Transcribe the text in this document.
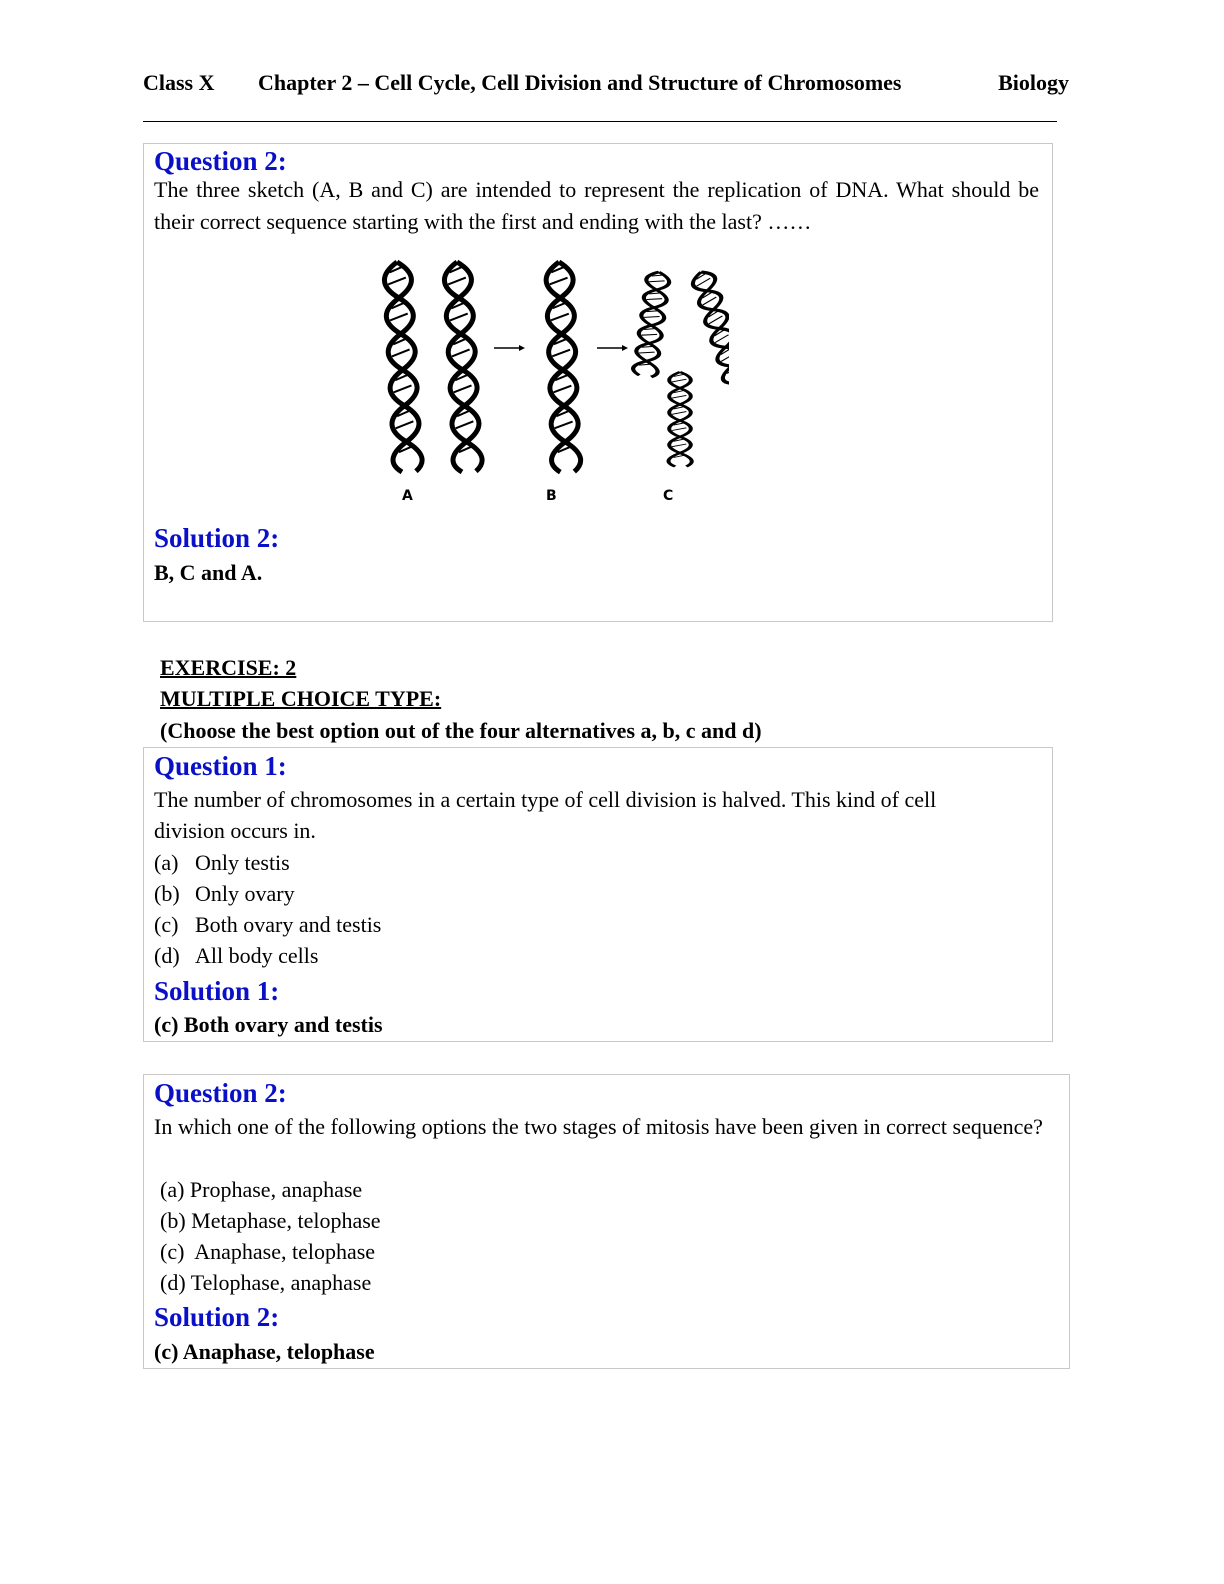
Class X Chapter 2 – Cell Cycle, Cell Division and Structure of Chromosomes	Biology
Question 2:
The three sketch (A, B and C) are intended to represent the replication of DNA. What should be their correct sequence starting with the first and ending with the last? ……
A	B	C
Solution 2:
B, C and A.
EXERCISE: 2
MULTIPLE CHOICE TYPE:
(Choose the best option out of the four alternatives a, b, c and d)
Question 1:
The number of chromosomes in a certain type of cell division is halved. This kind of cell
division occurs in.
(a) Only testis
(b) Only ovary
(c) Both ovary and testis
(d) All body cells
Solution 1:
(c) Both ovary and testis
Question 2:
In which one of the following options the two stages of mitosis have been given in correct sequence?
(a) Prophase, anaphase
(b) Metaphase, telophase
(c) Anaphase, telophase
(d) Telophase, anaphase
Solution 2:
(c) Anaphase, telophase
